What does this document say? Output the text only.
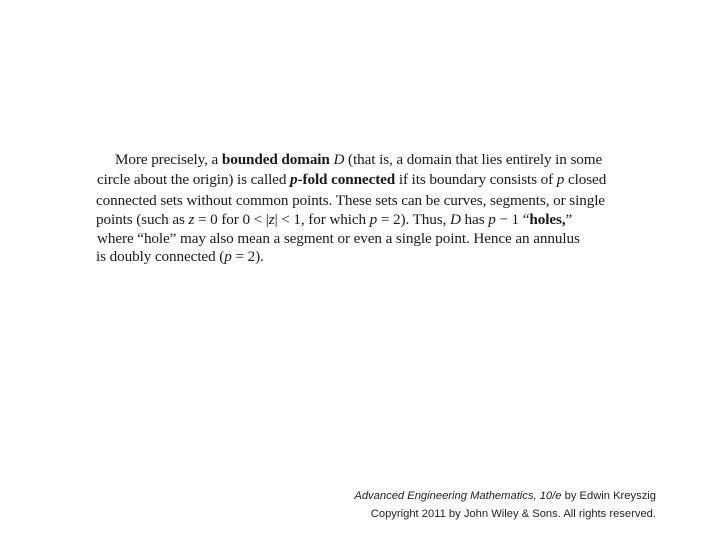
More precisely, a bounded domain D (that is, a domain that lies entirely in some
circle about the origin) is called p-fold connected if its boundary consists of p closed
connected sets without common points. These sets can be curves, segments, or single
points (such as z = 0 for 0 < |z| < 1, for which p = 2). Thus, D has p − 1 “holes,”
where “hole” may also mean a segment or even a single point. Hence an annulus
is doubly connected (p = 2).
Advanced Engineering Mathematics, 10/e by Edwin Kreyszig
Copyright 2011 by John Wiley & Sons. All rights reserved.
